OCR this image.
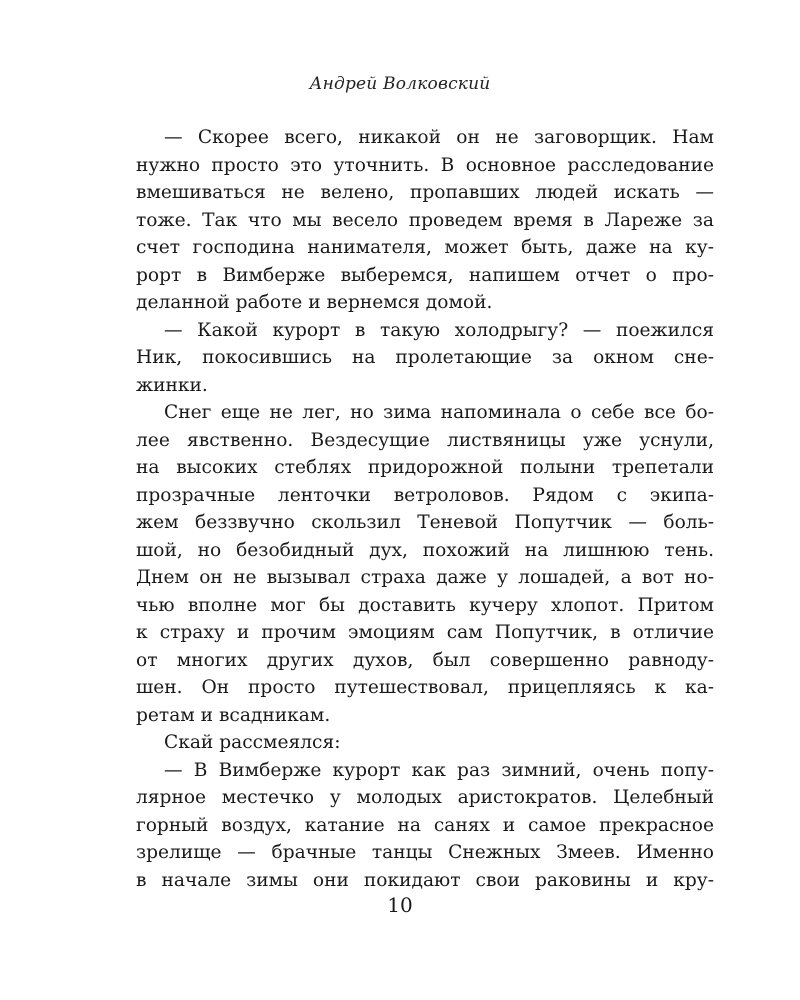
Андрей Волковский
— Скорее всего, никакой он не заговорщик. Нам
нужно просто это уточнить. В основное расследование
вмешиваться не велено, пропавших людей искать —
тоже. Так что мы весело проведем время в Лареже за
счет господина нанимателя, может быть, даже на ку-
рорт в Вимберже выберемся, напишем отчет о про-
деланной работе и вернемся домой.
— Какой курорт в такую холодрыгу? — поежился
Ник, покосившись на пролетающие за окном сне-
жинки.
Снег еще не лег, но зима напоминала о себе все бо-
лее явственно. Вездесущие листвяницы уже уснули,
на высоких стеблях придорожной полыни трепетали
прозрачные ленточки ветроловов. Рядом с экипа-
жем беззвучно скользил Теневой Попутчик — боль-
шой, но безобидный дух, похожий на лишнюю тень.
Днем он не вызывал страха даже у лошадей, а вот но-
чью вполне мог бы доставить кучеру хлопот. Притом
к страху и прочим эмоциям сам Попутчик, в отличие
от многих других духов, был совершенно равноду-
шен. Он просто путешествовал, прицепляясь к ка-
ретам и всадникам.
Скай рассмеялся:
— В Вимберже курорт как раз зимний, очень попу-
лярное местечко у молодых аристократов. Целебный
горный воздух, катание на санях и самое прекрасное
зрелище — брачные танцы Снежных Змеев. Именно
в начале зимы они покидают свои раковины и кру-
10
